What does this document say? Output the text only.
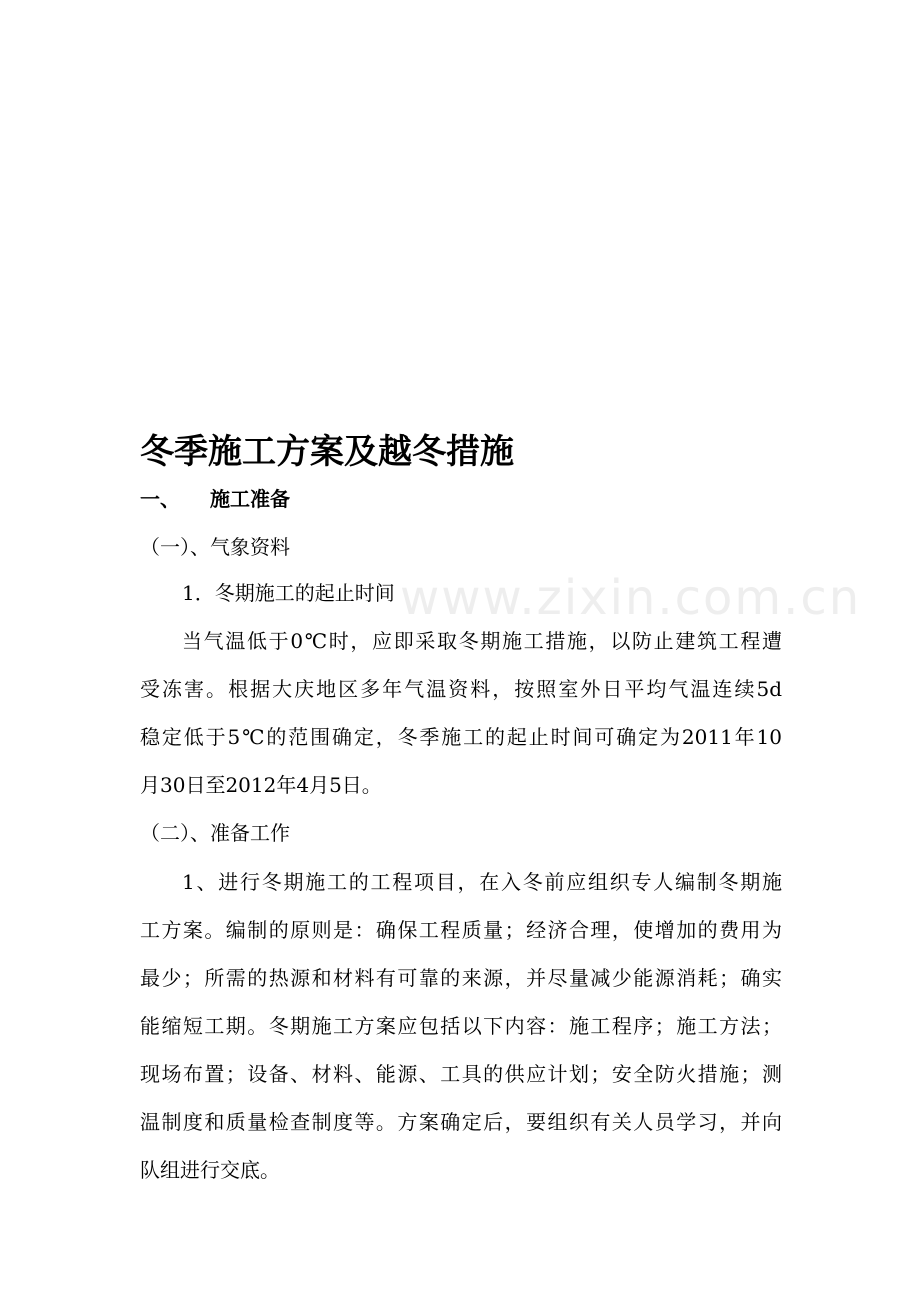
www.zixin.com.cn
冬季施工方案及越冬措施
一、 施工准备
（一）、气象资料
1．冬期施工的起止时间
当气温低于0℃时，应即采取冬期施工措施，以防止建筑工程遭
受冻害。根据大庆地区多年气温资料，按照室外日平均气温连续5d
稳定低于5℃的范围确定，冬季施工的起止时间可确定为2011年10
月30日至2012年4月5日。
（二）、准备工作
1、进行冬期施工的工程项目，在入冬前应组织专人编制冬期施
工方案。编制的原则是：确保工程质量；经济合理，使增加的费用为
最少；所需的热源和材料有可靠的来源，并尽量减少能源消耗；确实
能缩短工期。冬期施工方案应包括以下内容：施工程序；施工方法；
现场布置；设备、材料、能源、工具的供应计划；安全防火措施；测
温制度和质量检查制度等。方案确定后，要组织有关人员学习，并向
队组进行交底。
